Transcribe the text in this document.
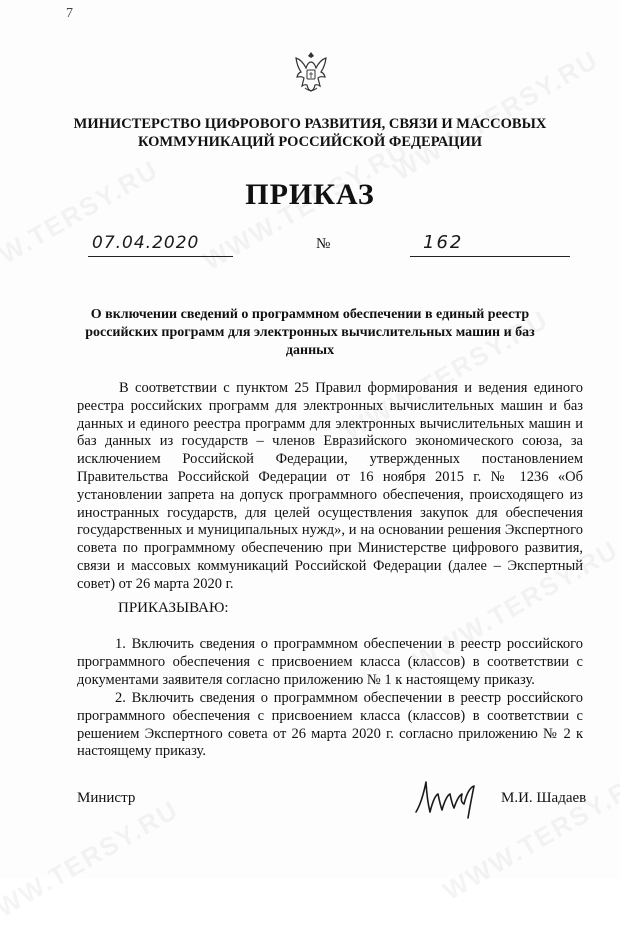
7
МИНИСТЕРСТВО ЦИФРОВОГО РАЗВИТИЯ, СВЯЗИ И МАССОВЫХ КОММУНИКАЦИЙ РОССИЙСКОЙ ФЕДЕРАЦИИ
ПРИКАЗ
07.04.2020	№	162
О включении сведений о программном обеспечении в единый реестр российских программ для электронных вычислительных машин и баз данных
В соответствии с пунктом 25 Правил формирования и ведения единого реестра российских программ для электронных вычислительных машин и баз данных и единого реестра программ для электронных вычислительных машин и баз данных из государств – членов Евразийского экономического союза, за исключением Российской Федерации, утвержденных постановлением Правительства Российской Федерации от 16 ноября 2015 г. № 1236 «Об установлении запрета на допуск программного обеспечения, происходящего из иностранных государств, для целей осуществления закупок для обеспечения государственных и муниципальных нужд», и на основании решения Экспертного совета по программному обеспечению при Министерстве цифрового развития, связи и массовых коммуникаций Российской Федерации (далее – Экспертный совет) от 26 марта 2020 г.
ПРИКАЗЫВАЮ:
1. Включить сведения о программном обеспечении в реестр российского программного обеспечения с присвоением класса (классов) в соответствии с документами заявителя согласно приложению № 1 к настоящему приказу.
2. Включить сведения о программном обеспечении в реестр российского программного обеспечения с присвоением класса (классов) в соответствии с решением Экспертного совета от 26 марта 2020 г. согласно приложению № 2 к настоящему приказу.
Министр	М.И. Шадаев
